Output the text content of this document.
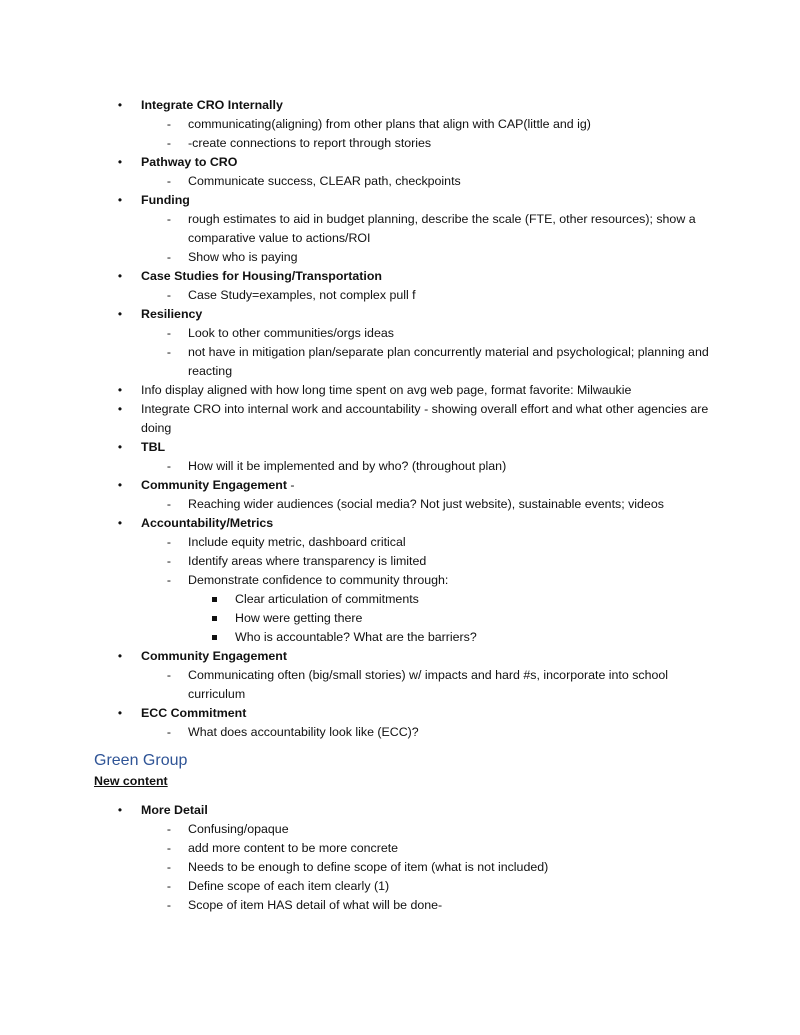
•	Integrate CRO Internally
-	communicating(aligning) from other plans that align with CAP(little and ig)
-	-create connections to report through stories
•	Pathway to CRO
-	Communicate success, CLEAR path, checkpoints
•	Funding
-	rough estimates to aid in budget planning, describe the scale (FTE, other resources); show a comparative value to actions/ROI
-	Show who is paying
•	Case Studies for Housing/Transportation
-	Case Study=examples, not complex pull f
•	Resiliency
-	Look to other communities/orgs ideas
-	not have in mitigation plan/separate plan concurrently material and psychological; planning and reacting
•	Info display aligned with how long time spent on avg web page, format favorite: Milwaukie
•	Integrate CRO into internal work and accountability - showing overall effort and what other agencies are doing
•	TBL
-	How will it be implemented and by who? (throughout plan)
•	Community Engagement -
-	Reaching wider audiences (social media? Not just website), sustainable events; videos
•	Accountability/Metrics
-	Include equity metric, dashboard critical
-	Identify areas where transparency is limited
-	Demonstrate confidence to community through:
Clear articulation of commitments
How were getting there
Who is accountable? What are the barriers?
•	Community Engagement
-	Communicating often (big/small stories) w/ impacts and hard #s, incorporate into school curriculum
•	ECC Commitment
-	What does accountability look like (ECC)?
Green Group
New content
•	More Detail
-	Confusing/opaque
-	add more content to be more concrete
-	Needs to be enough to define scope of item (what is not included)
-	Define scope of each item clearly (1)
-	Scope of item HAS detail of what will be done-
